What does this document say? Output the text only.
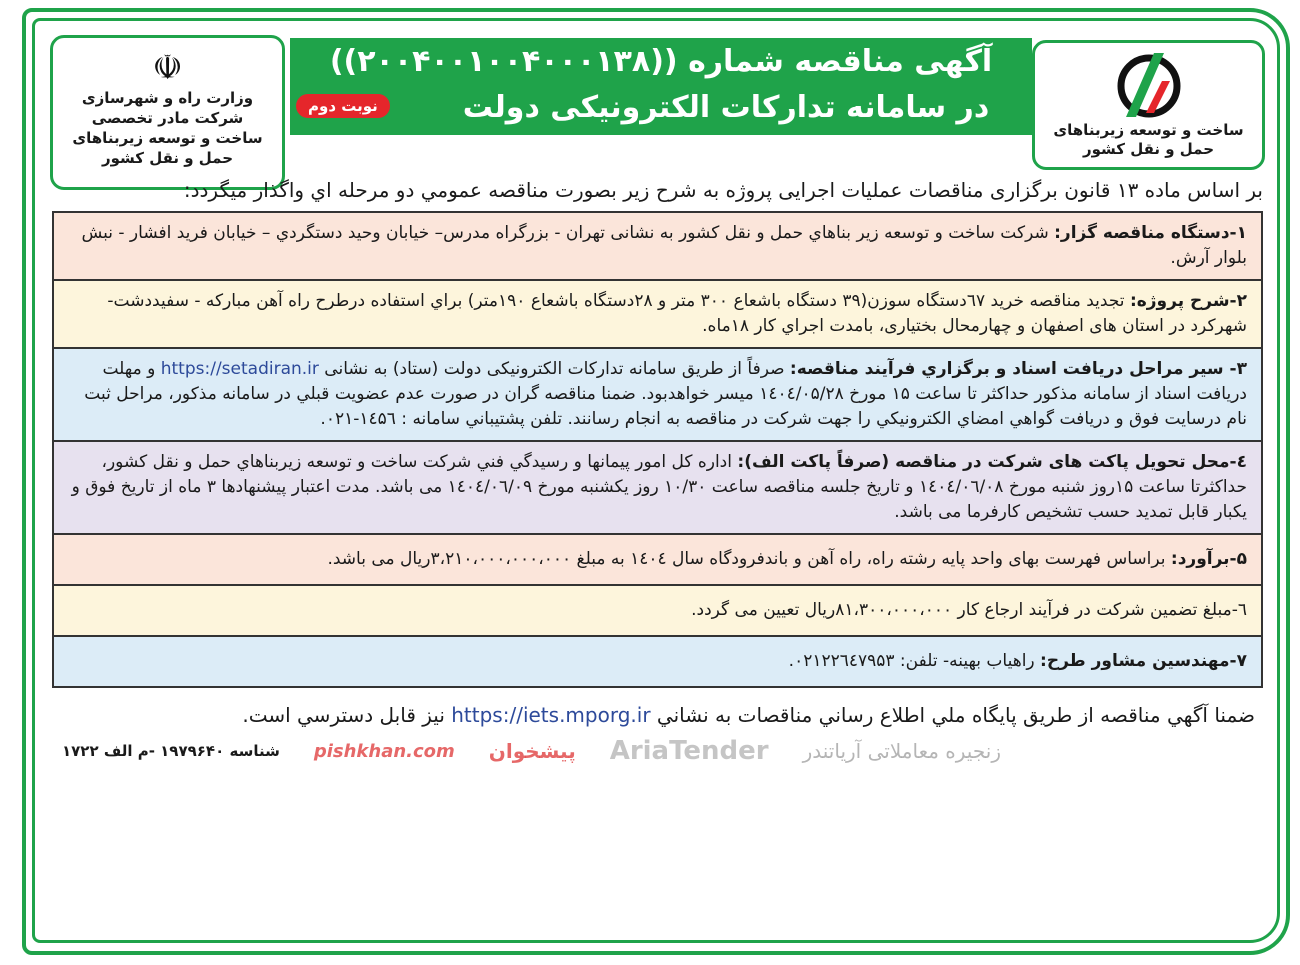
☫
وزارت راه و شهرسازی
شرکت مادر تخصصی
ساخت و توسعه زیربناهای
حمل و نقل کشور
آگهی مناقصه شماره ((۲۰۰۴۰۰۱۰۰۴۰۰۰۱۳۸))
در سامانه تدارکات الکترونیکی دولت
نوبت دوم
ساخت و توسعه زیربناهای
حمل و نقل کشور
بر اساس ماده ۱۳ قانون برگزاری مناقصات عملیات اجرایی پروژه به شرح زیر بصورت مناقصه عمومي دو مرحله اي واگذار میگردد:
۱-دستگاه مناقصه گزار: شرکت ساخت و توسعه زیر بناهاي حمل و نقل کشور به نشانی تهران - بزرگراه مدرس– خیابان وحید دستگردي – خیابان فرید افشار - نبش بلوار آرش.
۲-شرح پروژه: تجدید مناقصه خرید ٦٧دستگاه سوزن(۳۹ دستگاه باشعاع ۳۰۰ متر و ۲۸دستگاه باشعاع ۱۹۰متر) براي استفاده درطرح راه آهن مبارکه - سفیددشت-شهرکرد در استان های اصفهان و چهارمحال بختیاری، بامدت اجراي کار ۱۸ماه.
۳- سیر مراحل دریافت اسناد و برگزاري فرآیند مناقصه: صرفاً از طریق سامانه تدارکات الکترونیکی دولت (ستاد) به نشانی https://setadiran.ir و مهلت دریافت اسناد از سامانه مذکور حداکثر تا ساعت ۱۵ مورخ ۱٤۰٤/۰۵/۲۸ میسر خواهدبود. ضمنا مناقصه گران در صورت عدم عضویت قبلي در سامانه مذکور، مراحل ثبت نام درسایت فوق و دریافت گواهي امضاي الکترونیکي را جهت شرکت در مناقصه به انجام رسانند. تلفن پشتیباني سامانه : ۱٤۵٦-۰۲۱.
٤-محل تحویل پاکت های شرکت در مناقصه (صرفاً پاکت الف): اداره کل امور پیمانها و رسیدگي فني شرکت ساخت و توسعه زیربناهاي حمل و نقل کشور، حداکثرتا ساعت ۱۵روز شنبه مورخ ۱٤۰٤/۰٦/۰۸ و تاریخ جلسه مناقصه ساعت ۱۰/۳۰ روز یکشنبه مورخ ۱٤۰٤/۰٦/۰۹ می باشد. مدت اعتبار پیشنهادها ۳ ماه از تاریخ فوق و یکبار قابل تمدید حسب تشخیص کارفرما می باشد.
۵-برآورد: براساس فهرست بهای واحد پایه رشته راه، راه آهن و باندفرودگاه سال ۱٤۰٤ به مبلغ ۳،۲۱۰،۰۰۰،۰۰۰،۰۰۰ریال می باشد.
٦-مبلغ تضمین شرکت در فرآیند ارجاع کار ۸۱،۳۰۰،۰۰۰،۰۰۰ریال تعیین می گردد.
۷-مهندسین مشاور طرح: راهیاب بهینه- تلفن: ۰۲۱۲۲٦٤۷۹۵۳.
ضمنا آگهي مناقصه از طریق پایگاه ملي اطلاع رساني مناقصات به نشاني https://iets.mporg.ir نیز قابل دسترسي است.
شناسه ۱۹۷۹۶۴۰ -م الف ۱۷۲۲ pishkhan.com پیشخوان AriaTender زنجیره معاملاتی آریاتندر
